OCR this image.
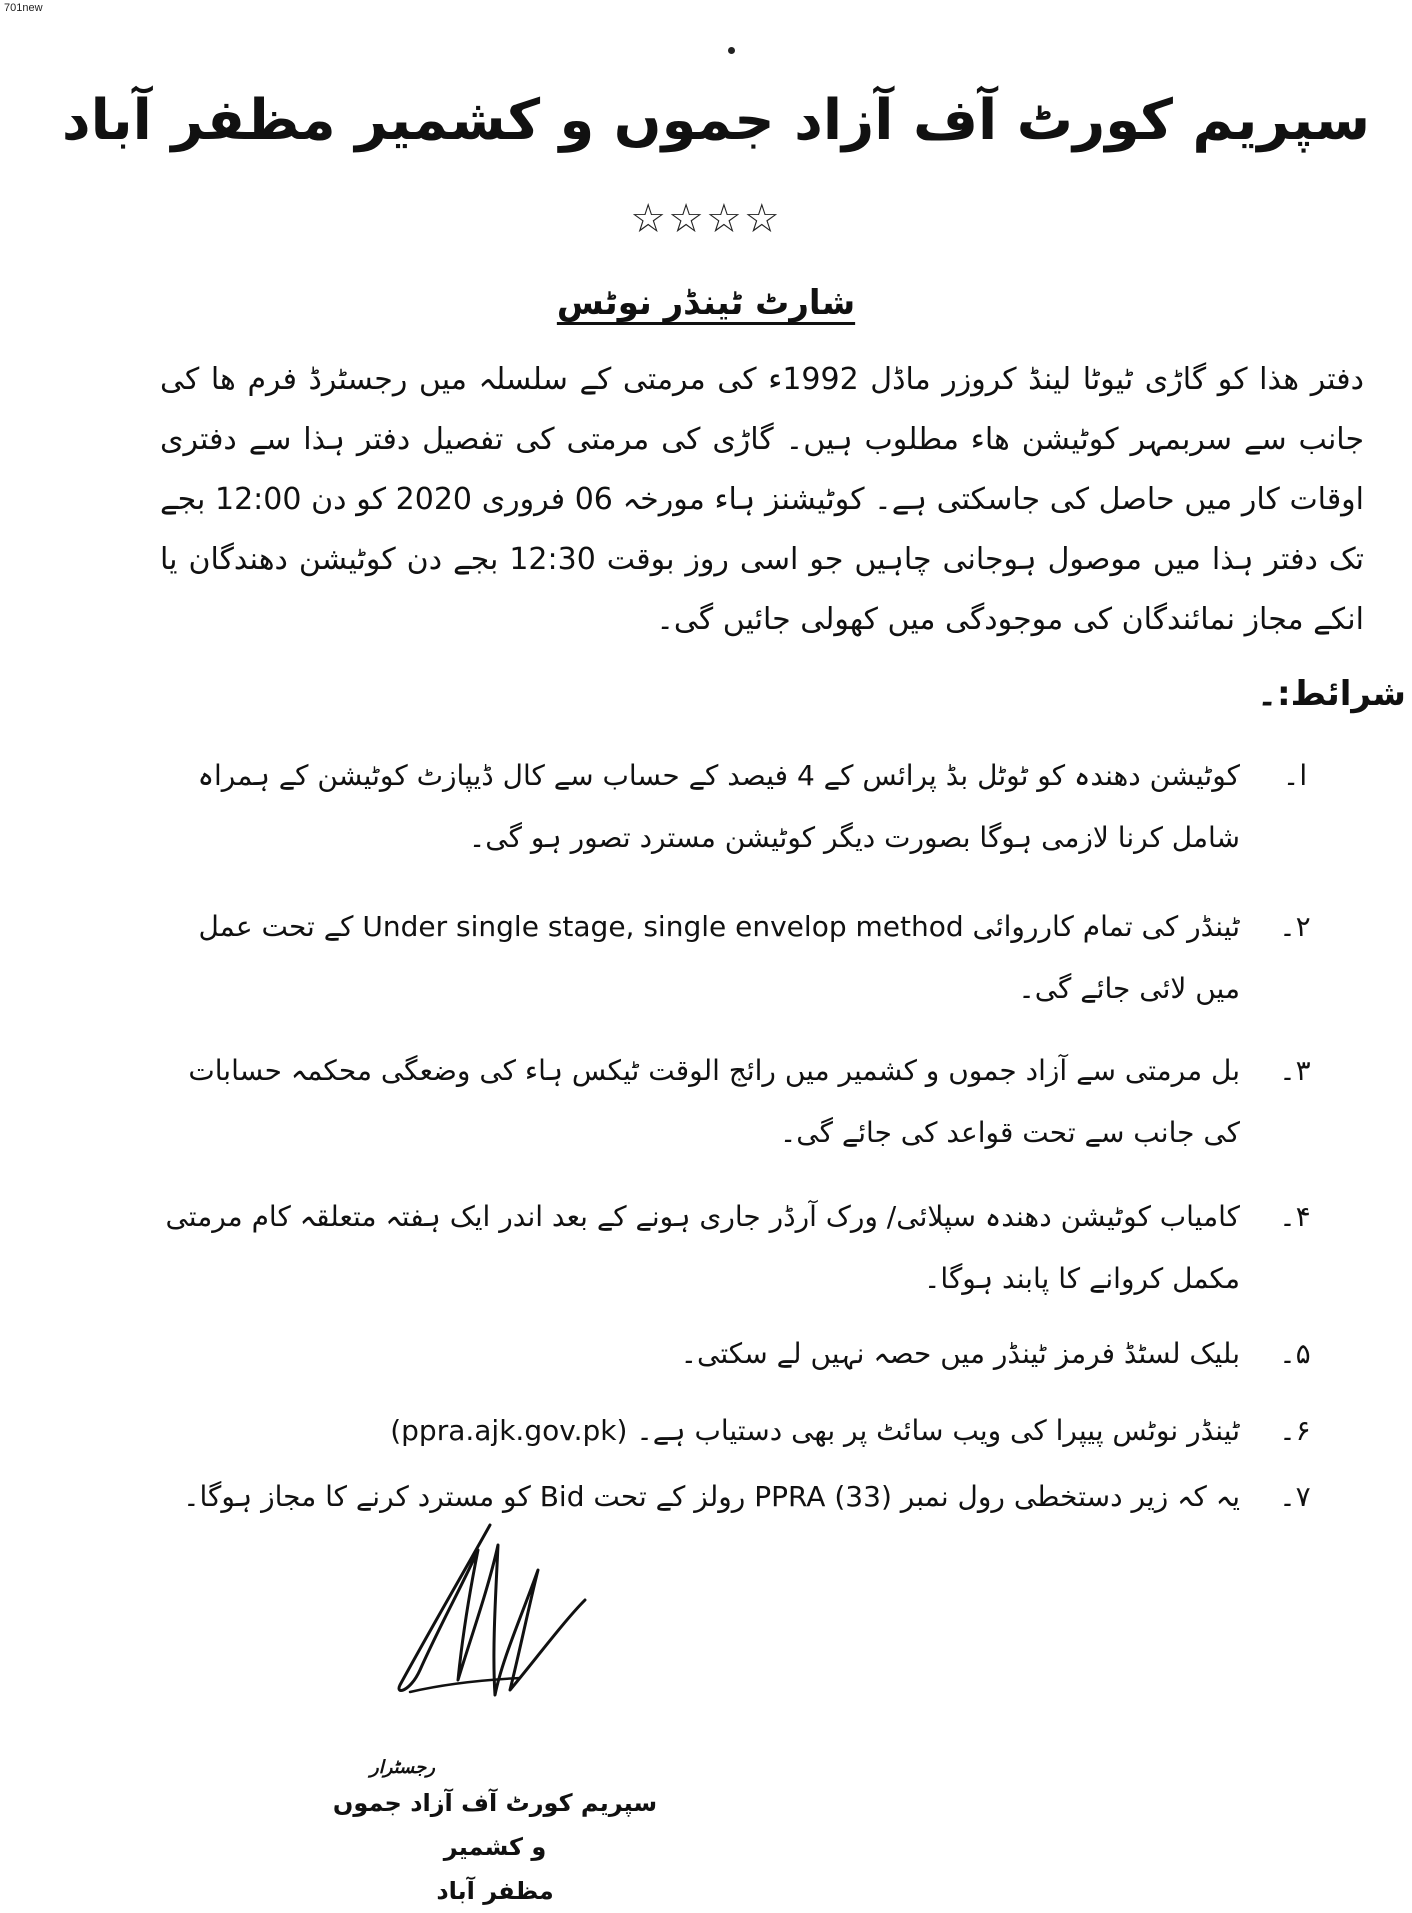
701new
سپریم کورٹ آف آزاد جموں و کشمیر مظفر آباد
☆☆☆☆
شارٹ ٹینڈر نوٹس
دفتر ھذا کو گاڑی ٹیوٹا لینڈ کروزر ماڈل 1992ء کی مرمتی کے سلسلہ میں رجسٹرڈ فرم ھا کی جانب سے سربمہر کوٹیشن ھاء مطلوب ہیں۔ گاڑی کی مرمتی کی تفصیل دفتر ہذا سے دفتری اوقات کار میں حاصل کی جاسکتی ہے۔ کوٹیشنز ہاء مورخہ 06 فروری 2020 کو دن 12:00 بجے تک دفتر ہذا میں موصول ہوجانی چاہیں جو اسی روز بوقت 12:30 بجے دن کوٹیشن دھندگان یا انکے مجاز نمائندگان کی موجودگی میں کھولی جائیں گی۔
شرائط:۔
ا۔
کوٹیشن دھندہ کو ٹوٹل بڈ پرائس کے 4 فیصد کے حساب سے کال ڈیپازٹ کوٹیشن کے ہمراہ شامل کرنا لازمی ہوگا بصورت دیگر کوٹیشن مسترد تصور ہو گی۔
۲۔
ٹینڈر کی تمام کارروائی Under single stage, single envelop method کے تحت عمل میں لائی جائے گی۔
۳۔
بل مرمتی سے آزاد جموں و کشمیر میں رائج الوقت ٹیکس ہاء کی وضعگی محکمہ حسابات کی جانب سے تحت قواعد کی جائے گی۔
۴۔
کامیاب کوٹیشن دھندہ سپلائی/ ورک آرڈر جاری ہونے کے بعد اندر ایک ہفتہ متعلقہ کام مرمتی مکمل کروانے کا پابند ہوگا۔
۵۔
بلیک لسٹڈ فرمز ٹینڈر میں حصہ نہیں لے سکتی۔
۶۔
ٹینڈر نوٹس پیپرا کی ویب سائٹ پر بھی دستیاب ہے۔ (ppra.ajk.gov.pk)
۷۔
یہ کہ زیر دستخطی رول نمبر (33) PPRA رولز کے تحت Bid کو مسترد کرنے کا مجاز ہوگا۔
رجسٹرار
سپریم کورٹ آف آزاد جموں و کشمیر
مظفر آباد
